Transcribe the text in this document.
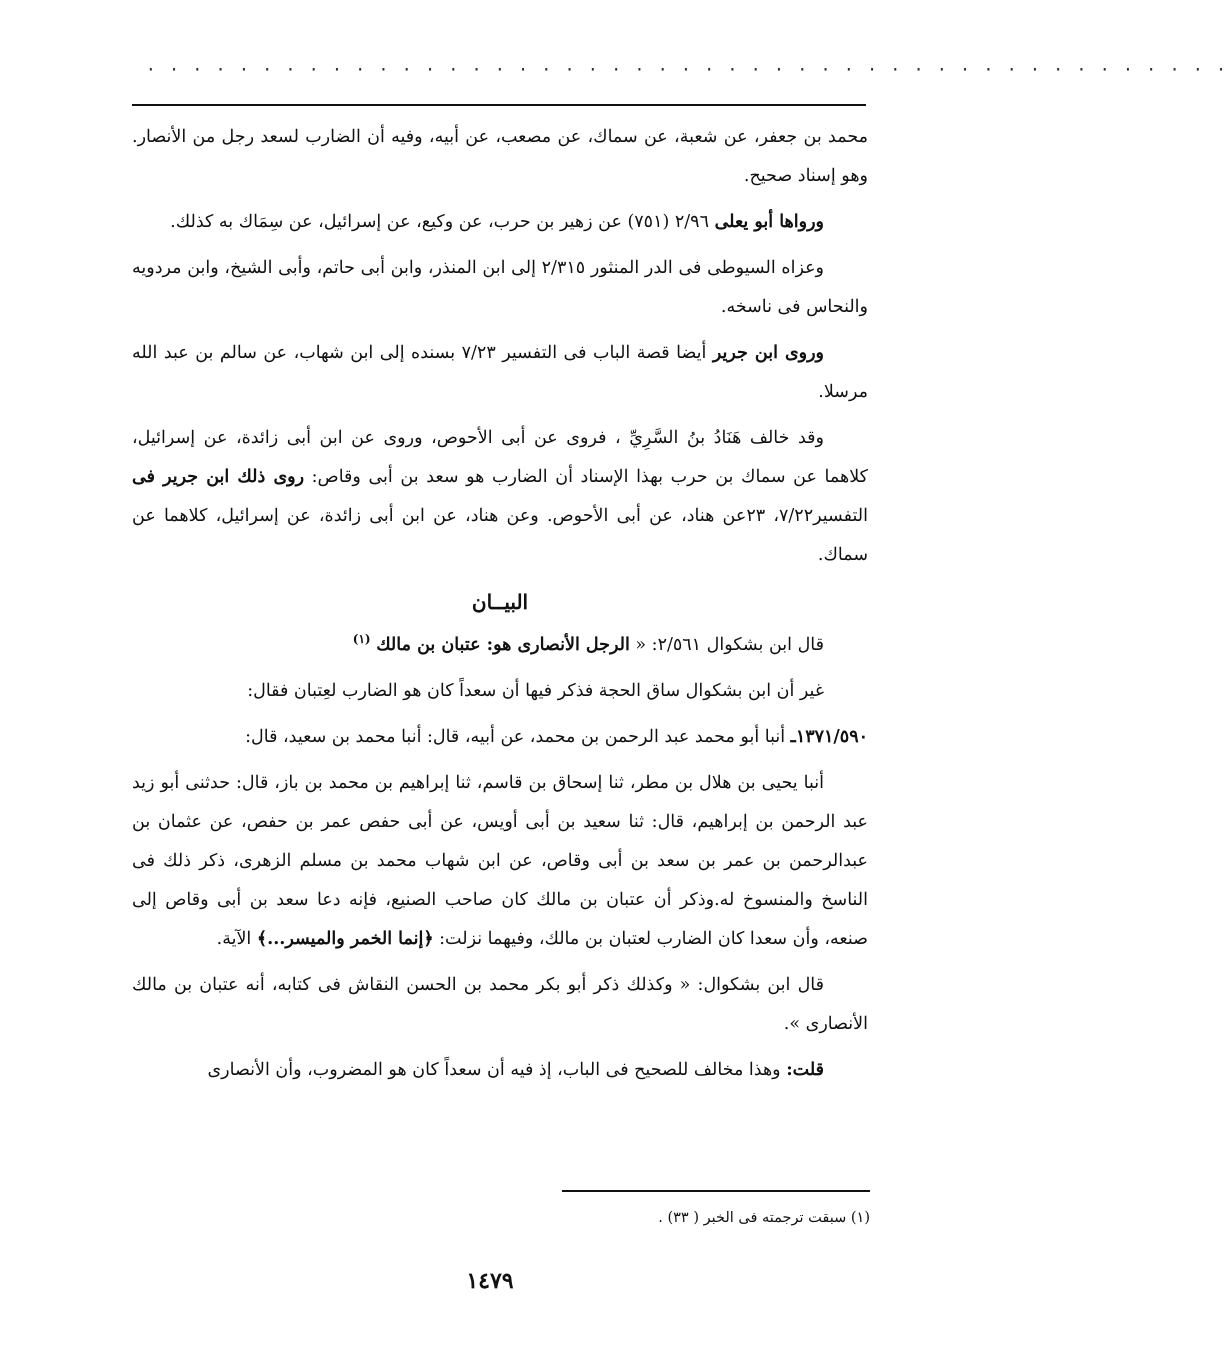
· · · · · · · · · · · · · · · · · · · · · · · · · · · · · · · · · · · · · · · · · · · · · · ·

محمد بن جعفر، عن شعبة، عن سماك، عن مصعب، عن أبيه، وفيه أن الضارب لسعد رجل من الأنصار. وهو إسناد صحيح.

ورواها أبو يعلى ٢/٩٦ (٧٥١) عن زهير بن حرب، عن وكيع، عن إسرائيل، عن سِمَاك به كذلك.

وعزاه السيوطى فى الدر المنثور ٢/٣١٥ إلى ابن المنذر، وابن أبى حاتم، وأبى الشيخ، وابن مردويه والنحاس فى ناسخه.

وروى ابن جرير أيضا قصة الباب فى التفسير ٧/٢٣ بسنده إلى ابن شهاب، عن سالم بن عبد الله مرسلا.

وقد خالف هَنَادُ بنُ السَّرِيِّ ، فروى عن أبى الأحوص، وروى عن ابن أبى زائدة، عن إسرائيل، كلاهما عن سماك بن حرب بهذا الإسناد أن الضارب هو سعد بن أبى وقاص: روى ذلك ابن جرير فى التفسير٧/٢٢، ٢٣عن هناد، عن أبى الأحوص. وعن هناد، عن ابن أبى زائدة، عن إسرائيل، كلاهما عن سماك.

البيــان

قال ابن بشكوال ٢/٥٦١: « الرجل الأنصارى هو: عتبان بن مالك $^{(١)}$

غير أن ابن بشكوال ساق الحجة فذكر فيها أن سعداً كان هو الضارب لعِتبان فقال:

١٣٧١/٥٩٠ـ أنبا أبو محمد عبد الرحمن بن محمد، عن أبيه، قال: أنبا محمد بن سعيد، قال:

أنبا يحيى بن هلال بن مطر، ثنا إسحاق بن قاسم، ثنا إبراهيم بن محمد بن باز، قال: حدثنى أبو زيد عبد الرحمن بن إبراهيم، قال: ثنا سعيد بن أبى أويس، عن أبى حفص عمر بن حفص، عن عثمان بن عبدالرحمن بن عمر بن سعد بن أبى وقاص، عن ابن شهاب محمد بن مسلم الزهرى، ذكر ذلك فى الناسخ والمنسوخ له.وذكر أن عتبان بن مالك كان صاحب الصنيع، فإنه دعا سعد بن أبى وقاص إلى صنعه، وأن سعدا كان الضارب لعتبان بن مالك، وفيهما نزلت: ﴿إنما الخمر والميسر...﴾ الآية.

قال ابن بشكوال: « وكذلك ذكر أبو بكر محمد بن الحسن النقاش فى كتابه، أنه عتبان بن مالك الأنصارى ».

قلت: وهذا مخالف للصحيح فى الباب، إذ فيه أن سعداً كان هو المضروب، وأن الأنصارى

(١) سبقت ترجمته فى الخبر ( ٣٣) .
١٤٧٩
